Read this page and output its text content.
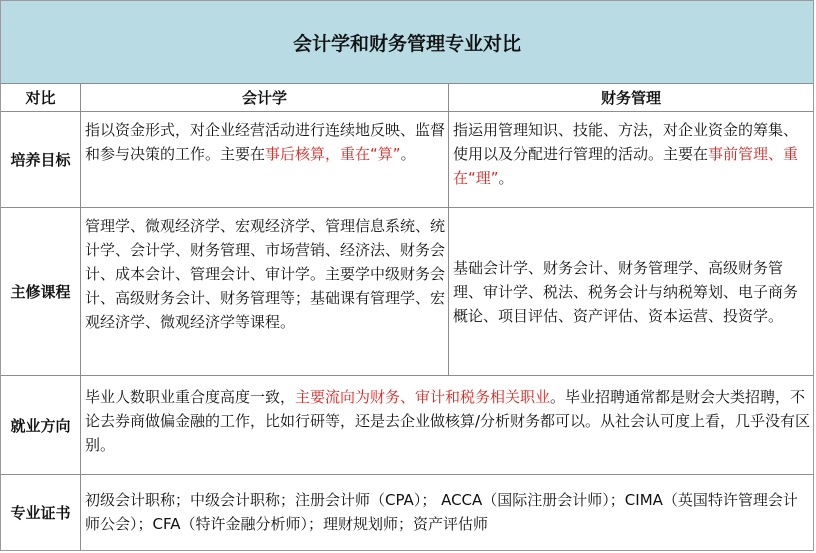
会计学和财务管理专业对比
对比	会计学	财务管理
培养目标
指以资金形式，对企业经营活动进行连续地反映、监督和参与决策的工作。主要在事后核算，重在“算”。
指运用管理知识、技能、方法，对企业资金的筹集、使用以及分配进行管理的活动。主要在事前管理、重在“理”。
主修课程
管理学、微观经济学、宏观经济学、管理信息系统、统计学、会计学、财务管理、市场营销、经济法、财务会计、成本会计、管理会计、审计学。主要学中级财务会计、高级财务会计、财务管理等；基础课有管理学、宏观经济学、微观经济学等课程。
基础会计学、财务会计、财务管理学、高级财务管理、审计学、税法、税务会计与纳税筹划、电子商务概论、项目评估、资产评估、资本运营、投资学。
就业方向
毕业人数职业重合度高度一致，主要流向为财务、审计和税务相关职业。毕业招聘通常都是财会大类招聘，不论去券商做偏金融的工作，比如行研等，还是去企业做核算/分析财务都可以。从社会认可度上看，几乎没有区别。
专业证书
初级会计职称；中级会计职称；注册会计师（CPA）； ACCA（国际注册会计师）；CIMA（英国特许管理会计师公会）；CFA（特许金融分析师）；理财规划师；资产评估师
